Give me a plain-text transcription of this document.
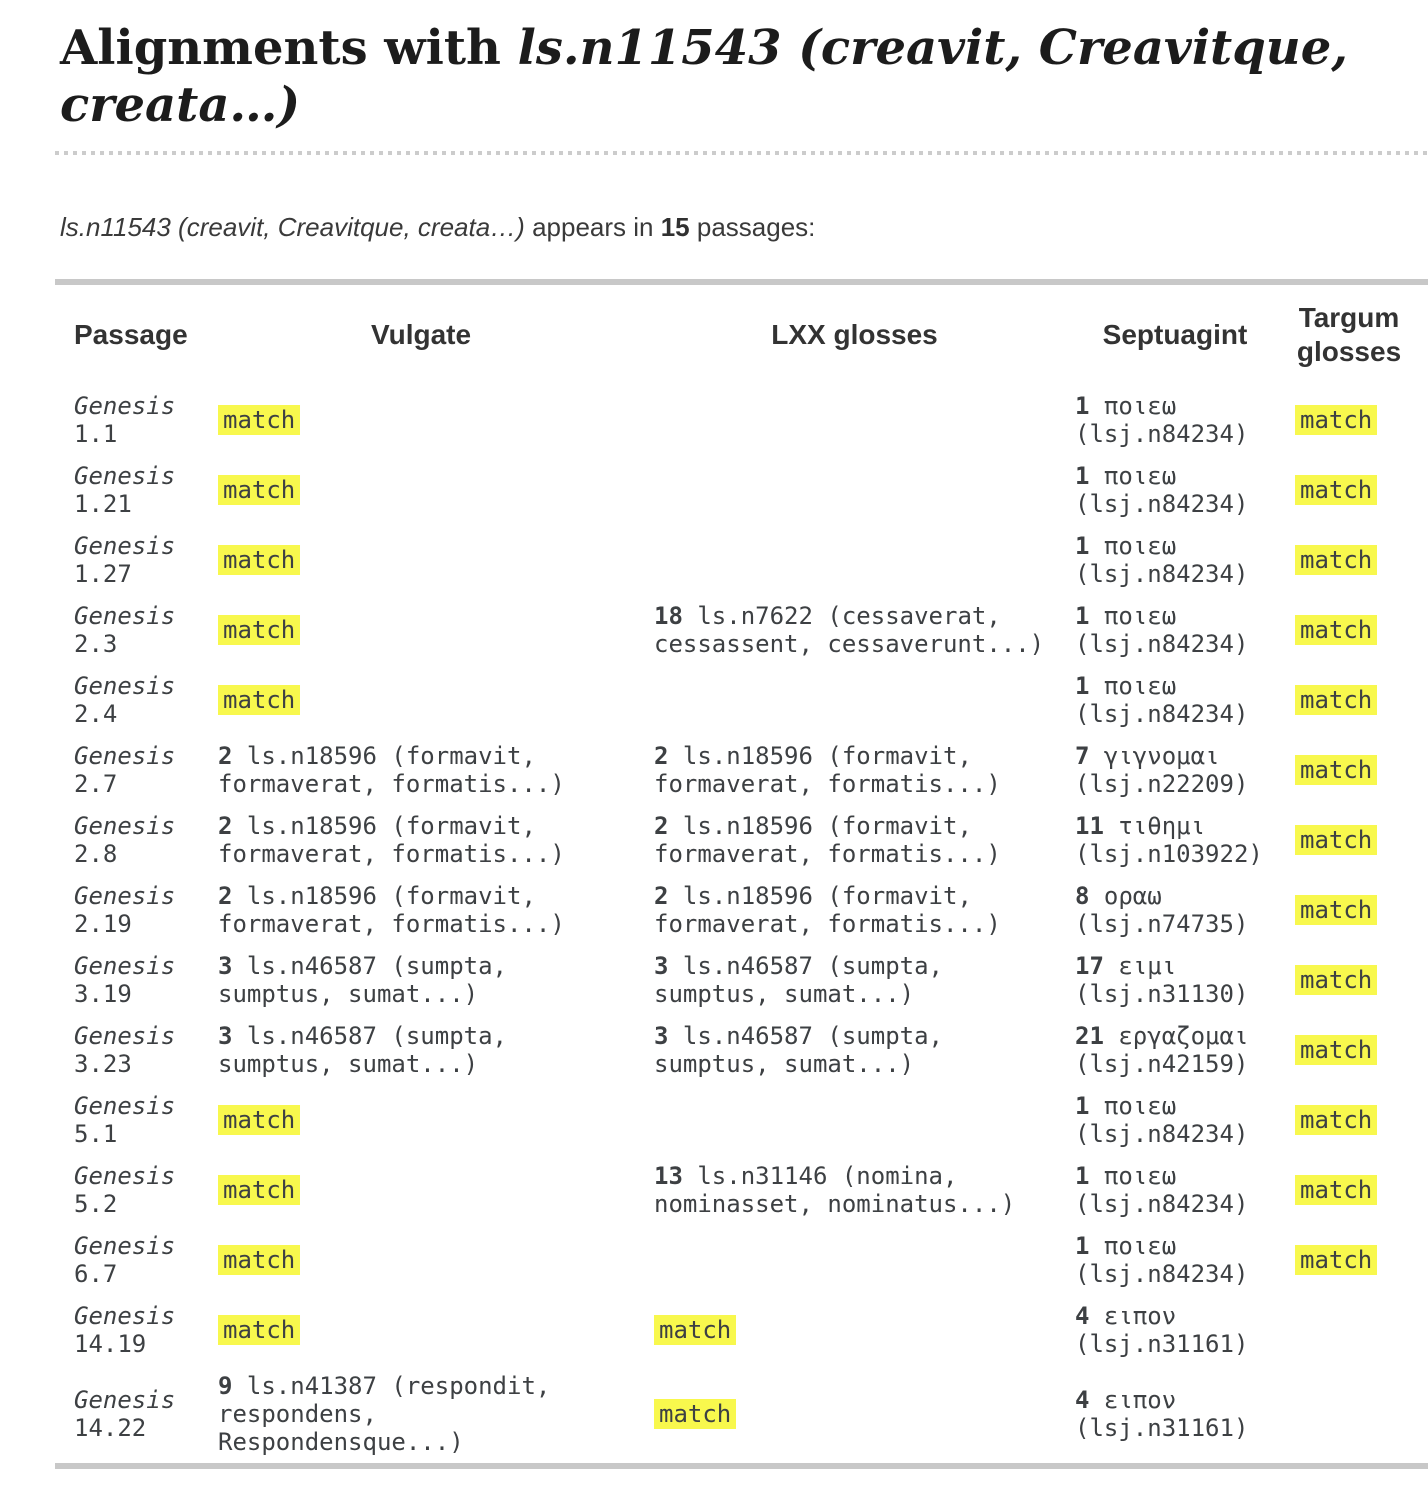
Alignments with ls.n11543 (creavit, Creavitque, creata…)

ls.n11543 (creavit, Creavitque, creata…) appears in 15 passages:

Passage	Vulgate	LXX glosses	Septuagint	Targum glosses
Genesis 1.1	match		1 ποιεω (lsj.n84234)	match
Genesis 1.21	match		1 ποιεω (lsj.n84234)	match
Genesis 1.27	match		1 ποιεω (lsj.n84234)	match
Genesis 2.3	match	18 ls.n7622 (cessaverat, cessassent, cessaverunt...)	1 ποιεω (lsj.n84234)	match
Genesis 2.4	match		1 ποιεω (lsj.n84234)	match
Genesis 2.7	2 ls.n18596 (formavit, formaverat, formatis...)	2 ls.n18596 (formavit, formaverat, formatis...)	7 γιγνομαι (lsj.n22209)	match
Genesis 2.8	2 ls.n18596 (formavit, formaverat, formatis...)	2 ls.n18596 (formavit, formaverat, formatis...)	11 τιθημι (lsj.n103922)	match
Genesis 2.19	2 ls.n18596 (formavit, formaverat, formatis...)	2 ls.n18596 (formavit, formaverat, formatis...)	8 οραω (lsj.n74735)	match
Genesis 3.19	3 ls.n46587 (sumpta, sumptus, sumat...)	3 ls.n46587 (sumpta, sumptus, sumat...)	17 ειμι (lsj.n31130)	match
Genesis 3.23	3 ls.n46587 (sumpta, sumptus, sumat...)	3 ls.n46587 (sumpta, sumptus, sumat...)	21 εργαζομαι (lsj.n42159)	match
Genesis 5.1	match		1 ποιεω (lsj.n84234)	match
Genesis 5.2	match	13 ls.n31146 (nomina, nominasset, nominatus...)	1 ποιεω (lsj.n84234)	match
Genesis 6.7	match		1 ποιεω (lsj.n84234)	match
Genesis 14.19	match	match	4 ειπον (lsj.n31161)	
Genesis 14.22	9 ls.n41387 (respondit, respondens, Respondensque...)	match	4 ειπον (lsj.n31161)	
